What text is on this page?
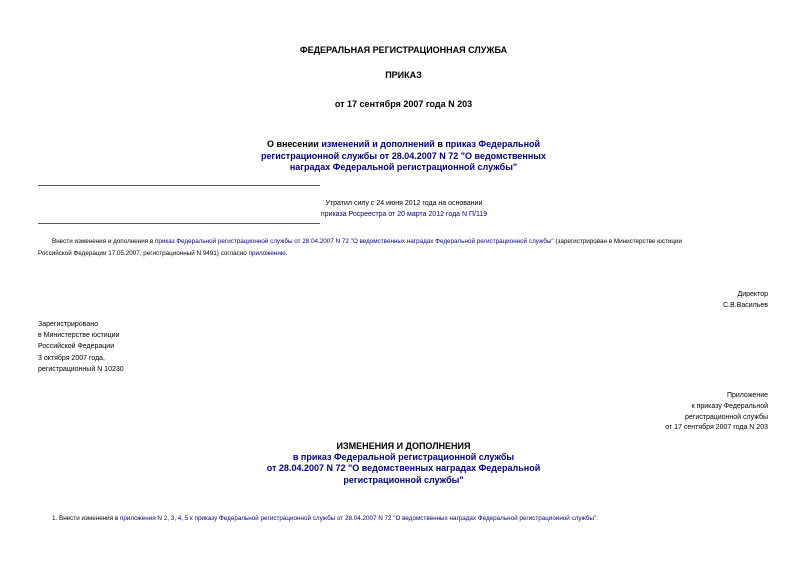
ФЕДЕРАЛЬНАЯ РЕГИСТРАЦИОННАЯ СЛУЖБА
ПРИКАЗ
от 17 сентября 2007 года N 203
О внесении изменений и дополнений в приказ Федеральной
регистрационной службы от 28.04.2007 N 72 "О ведомственных
наградах Федеральной регистрационной службы"
Утратил силу с 24 июня 2012 года на основании
приказа Росреестра от 20 марта 2012 года N П/119
Внести изменения и дополнения в приказ Федеральной регистрационной службы от 28.04.2007 N 72 "О ведомственных наградах Федеральной регистрационной службы" (зарегистрирован в Министерстве юстиции
Российской Федерации 17.05.2007, регистрационный N 9491) согласно приложению.
Директор
С.В.Васильев
Зарегистрировано
в Министерстве юстиции
Российской Федерации
3 октября 2007 года,
регистрационный N 10230
Приложение
к приказу Федеральной
регистрационной службы
от 17 сентября 2007 года N 203
ИЗМЕНЕНИЯ И ДОПОЛНЕНИЯ
в приказ Федеральной регистрационной службы
от 28.04.2007 N 72 "О ведомственных наградах Федеральной
регистрационной службы"
1. Внести изменения в приложения N 2, 3, 4, 5 к приказу Федеральной регистрационной службы от 28.04.2007 N 72 "О ведомственных наградах Федеральной регистрационной службы":
